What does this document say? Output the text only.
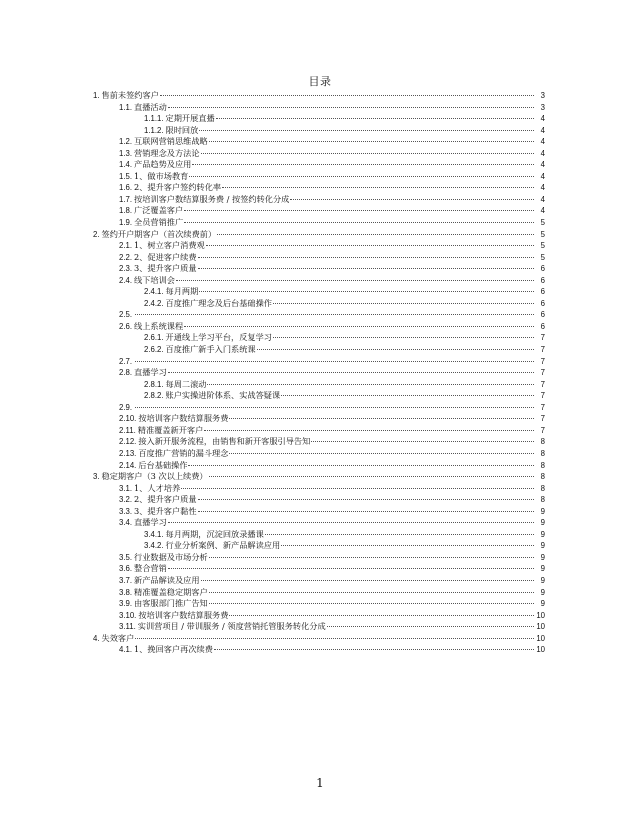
目录
1. 售前未签约客户	3
1.1. 直播活动	3
1.1.1. 定期开展直播	4
1.1.2. 限时回放	4
1.2. 互联网营销思维战略	4
1.3. 营销理念及方法论	4
1.4. 产品趋势及应用	4
1.5. 1、做市场教育	4
1.6. 2、提升客户签约转化率	4
1.7. 按培训客户数结算服务费 / 按签约转化分成	4
1.8. 广泛覆盖客户	4
1.9. 全员营销推广	5
2. 签约开户期客户（首次续费前）	5
2.1. 1、树立客户消费观	5
2.2. 2、促进客户续费	5
2.3. 3、提升客户质量	6
2.4. 线下培训会	6
2.4.1. 每月两期	6
2.4.2. 百度推广理念及后台基础操作	6
2.5.	6
2.6. 线上系统课程	6
2.6.1. 开通线上学习平台，反复学习	7
2.6.2. 百度推广新手入门系统课	7
2.7.	7
2.8. 直播学习	7
2.8.1. 每周二滚动	7
2.8.2. 账户实操进阶体系、实战答疑课	7
2.9.	7
2.10. 按培训客户数结算服务费	7
2.11. 精准覆盖新开客户	7
2.12. 接入新开服务流程，由销售和新开客服引导告知	8
2.13. 百度推广营销的漏斗理念	8
2.14. 后台基础操作	8
3. 稳定期客户（3 次以上续费）	8
3.1. 1、人才培养	8
3.2. 2、提升客户质量	8
3.3. 3、提升客户黏性	9
3.4. 直播学习	9
3.4.1. 每月两期，沉淀回放录播课	9
3.4.2. 行业分析案例、新产品解读应用	9
3.5. 行业数据及市场分析	9
3.6. 整合营销	9
3.7. 新产品解读及应用	9
3.8. 精准覆盖稳定期客户	9
3.9. 由客服部门推广告知	9
3.10. 按培训客户数结算服务费	10
3.11. 实训营项目 / 带训服务 / 领度营销托管服务转化分成	10
4. 失效客户	10
4.1. 1、挽回客户再次续费	10
1
